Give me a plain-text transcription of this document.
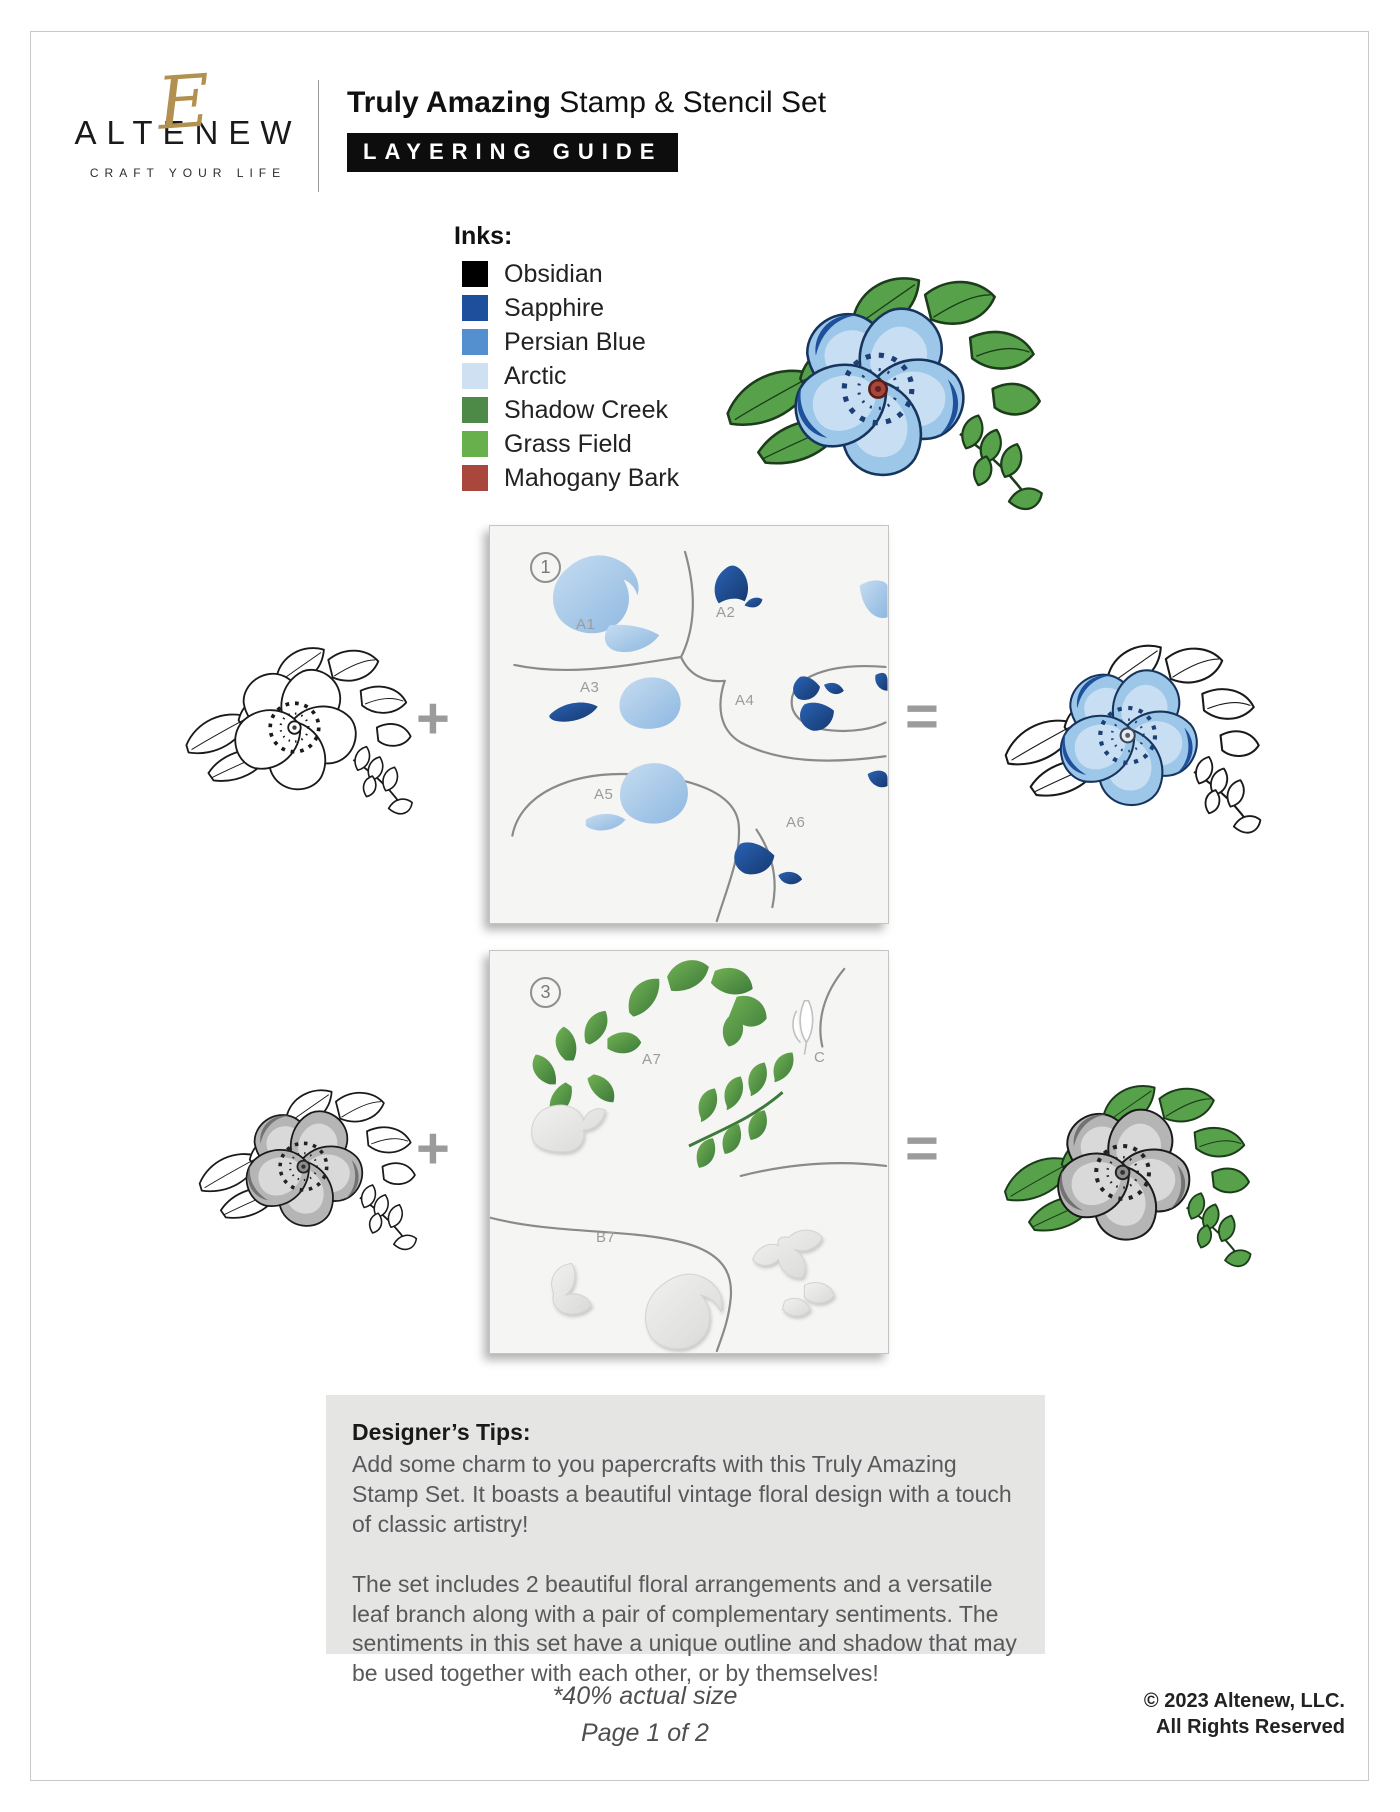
E
ALTENEW
CRAFT YOUR LIFE
Truly Amazing Stamp & Stencil Set
LAYERING GUIDE
Inks:
Obsidian
Sapphire
Persian Blue
Arctic
Shadow Creek
Grass Field
Mahogany Bark
+
1
A1
A2
A3
A4
A5
A6
=
+
3
A7
B7
C
=
Designer’s Tips:

Add some charm to you papercrafts with this Truly Amazing Stamp Set. It boasts a beautiful vintage floral design with a touch of classic artistry!

The set includes 2 beautiful floral arrangements and a versatile leaf branch along with a pair of complementary sentiments. The sentiments in this set have a unique outline and shadow that may be used together with each other, or by themselves!

*40% actual size
Page 1 of 2
© 2023 Altenew, LLC.
All Rights Reserved
